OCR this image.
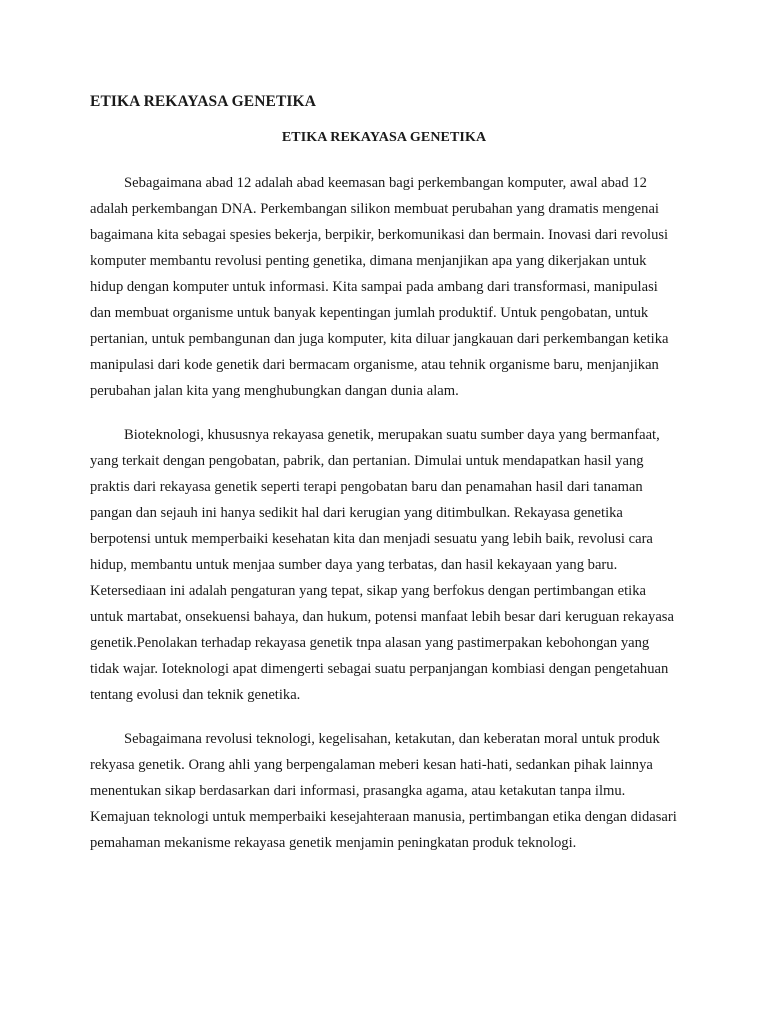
ETIKA REKAYASA GENETIKA
ETIKA REKAYASA GENETIKA

Sebagaimana abad 12 adalah abad keemasan bagi perkembangan komputer, awal abad 12 adalah perkembangan DNA. Perkembangan silikon membuat perubahan yang dramatis mengenai bagaimana kita sebagai spesies bekerja, berpikir, berkomunikasi dan bermain. Inovasi dari revolusi komputer membantu revolusi penting genetika, dimana menjanjikan apa yang dikerjakan untuk hidup dengan komputer untuk informasi. Kita sampai pada ambang dari transformasi, manipulasi dan membuat organisme untuk banyak kepentingan jumlah produktif. Untuk pengobatan, untuk pertanian, untuk pembangunan dan juga komputer, kita diluar jangkauan dari perkembangan ketika manipulasi dari kode genetik dari bermacam organisme, atau tehnik organisme baru, menjanjikan perubahan jalan kita yang menghubungkan dangan dunia alam.

Bioteknologi, khususnya rekayasa genetik, merupakan suatu sumber daya yang bermanfaat, yang terkait dengan pengobatan, pabrik, dan pertanian. Dimulai untuk mendapatkan hasil yang praktis dari rekayasa genetik seperti terapi pengobatan baru dan penamahan hasil dari tanaman pangan dan sejauh ini hanya sedikit hal dari kerugian yang ditimbulkan. Rekayasa genetika berpotensi untuk memperbaiki kesehatan kita dan menjadi sesuatu yang lebih baik, revolusi cara hidup, membantu untuk menjaa sumber daya yang terbatas, dan hasil kekayaan yang baru. Ketersediaan ini adalah pengaturan yang tepat, sikap yang berfokus dengan pertimbangan etika untuk martabat, onsekuensi bahaya, dan hukum, potensi manfaat lebih besar dari keruguan rekayasa genetik.Penolakan terhadap rekayasa genetik tnpa alasan yang pastimerpakan kebohongan yang tidak wajar. Ioteknologi apat dimengerti sebagai suatu perpanjangan kombiasi dengan pengetahuan tentang evolusi dan teknik genetika.

Sebagaimana revolusi teknologi, kegelisahan, ketakutan, dan keberatan moral untuk produk rekyasa genetik. Orang ahli yang berpengalaman meberi kesan hati-hati, sedankan pihak lainnya menentukan sikap berdasarkan dari informasi, prasangka agama, atau ketakutan tanpa ilmu. Kemajuan teknologi untuk memperbaiki kesejahteraan manusia, pertimbangan etika dengan didasari pemahaman mekanisme rekayasa genetik menjamin peningkatan produk teknologi.
